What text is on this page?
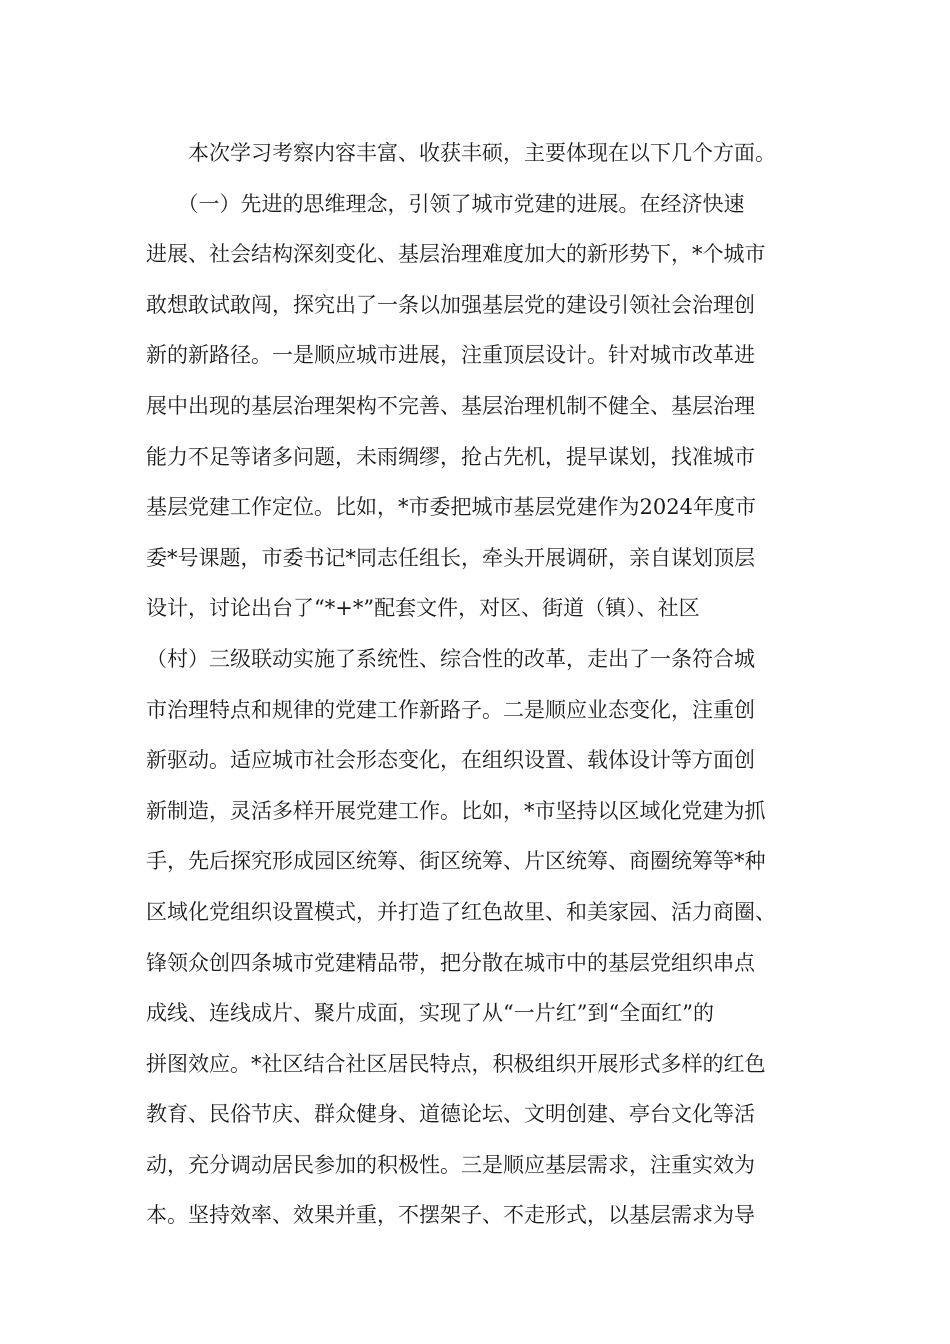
　　本次学习考察内容丰富、收获丰硕，主要体现在以下几个方面。
　　（一）先进的思维理念，引领了城市党建的进展。在经济快速
进展、社会结构深刻变化、基层治理难度加大的新形势下，*个城市
敢想敢试敢闯，探究出了一条以加强基层党的建设引领社会治理创
新的新路径。一是顺应城市进展，注重顶层设计。针对城市改革进
展中出现的基层治理架构不完善、基层治理机制不健全、基层治理
能力不足等诸多问题，未雨绸缪，抢占先机，提早谋划，找准城市
基层党建工作定位。比如，*市委把城市基层党建作为2024年度市
委*号课题，市委书记*同志任组长，牵头开展调研，亲自谋划顶层
设计，讨论出台了“*+*”配套文件，对区、街道（镇）、社区
（村）三级联动实施了系统性、综合性的改革，走出了一条符合城
市治理特点和规律的党建工作新路子。二是顺应业态变化，注重创
新驱动。适应城市社会形态变化，在组织设置、载体设计等方面创
新制造，灵活多样开展党建工作。比如，*市坚持以区域化党建为抓
手，先后探究形成园区统筹、街区统筹、片区统筹、商圈统筹等*种
区域化党组织设置模式，并打造了红色故里、和美家园、活力商圈、
锋领众创四条城市党建精品带，把分散在城市中的基层党组织串点
成线、连线成片、聚片成面，实现了从“一片红”到“全面红”的
拼图效应。*社区结合社区居民特点，积极组织开展形式多样的红色
教育、民俗节庆、群众健身、道德论坛、文明创建、亭台文化等活
动，充分调动居民参加的积极性。三是顺应基层需求，注重实效为
本。坚持效率、效果并重，不摆架子、不走形式，以基层需求为导
